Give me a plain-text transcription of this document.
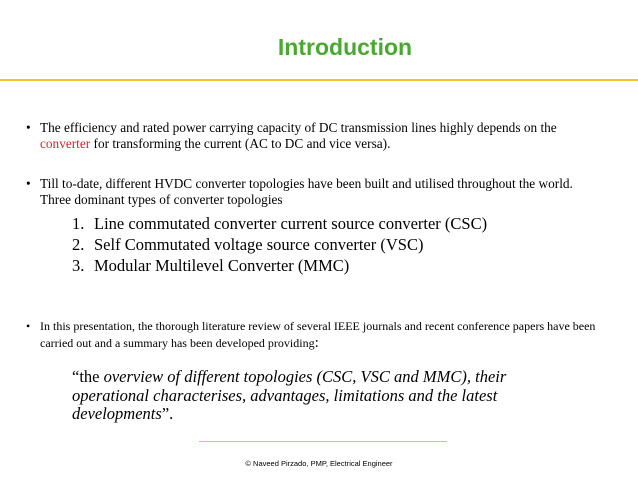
Introduction
• The efficiency and rated power carrying capacity of DC transmission lines highly depends on the converter for transforming the current (AC to DC and vice versa).
• Till to-date, different HVDC converter topologies have been built and utilised throughout the world. Three dominant types of converter topologies
1. Line commutated converter current source converter (CSC)
2. Self Commutated voltage source converter (VSC)
3. Modular Multilevel Converter (MMC)
• In this presentation, the thorough literature review of several IEEE journals and recent conference papers have been carried out and a summary has been developed providing:
“the overview of different topologies (CSC, VSC and MMC), their operational characterises, advantages, limitations and the latest developments”.
© Naveed Pirzado, PMP, Electrical Engineer
